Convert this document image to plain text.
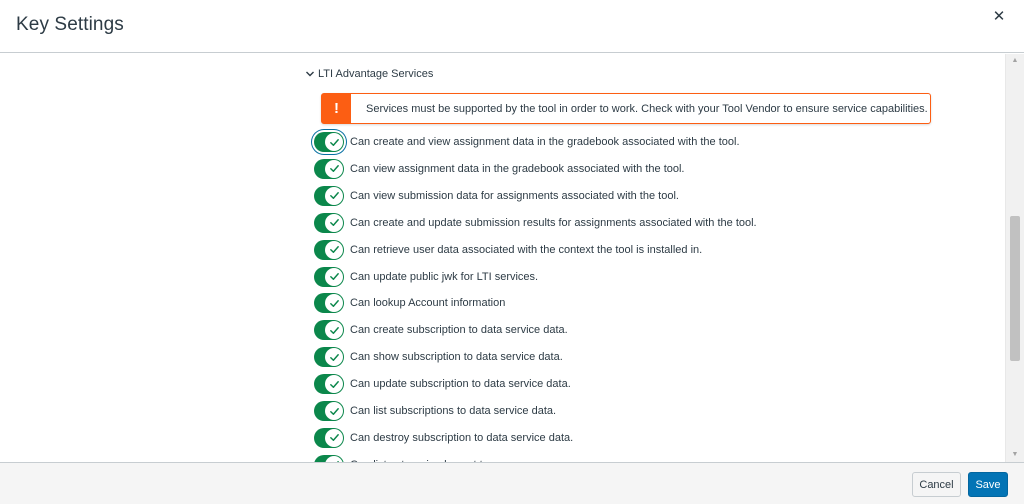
Key Settings	✕
LTI Advantage Services
!	Services must be supported by the tool in order to work. Check with your Tool Vendor to ensure service capabilities.
Can create and view assignment data in the gradebook associated with the tool.
Can view assignment data in the gradebook associated with the tool.
Can view submission data for assignments associated with the tool.
Can create and update submission results for assignments associated with the tool.
Can retrieve user data associated with the context the tool is installed in.
Can update public jwk for LTI services.
Can lookup Account information
Can create subscription to data service data.
Can show subscription to data service data.
Can update subscription to data service data.
Can list subscriptions to data service data.
Can destroy subscription to data service data.
▲
▼
Cancel	Save
